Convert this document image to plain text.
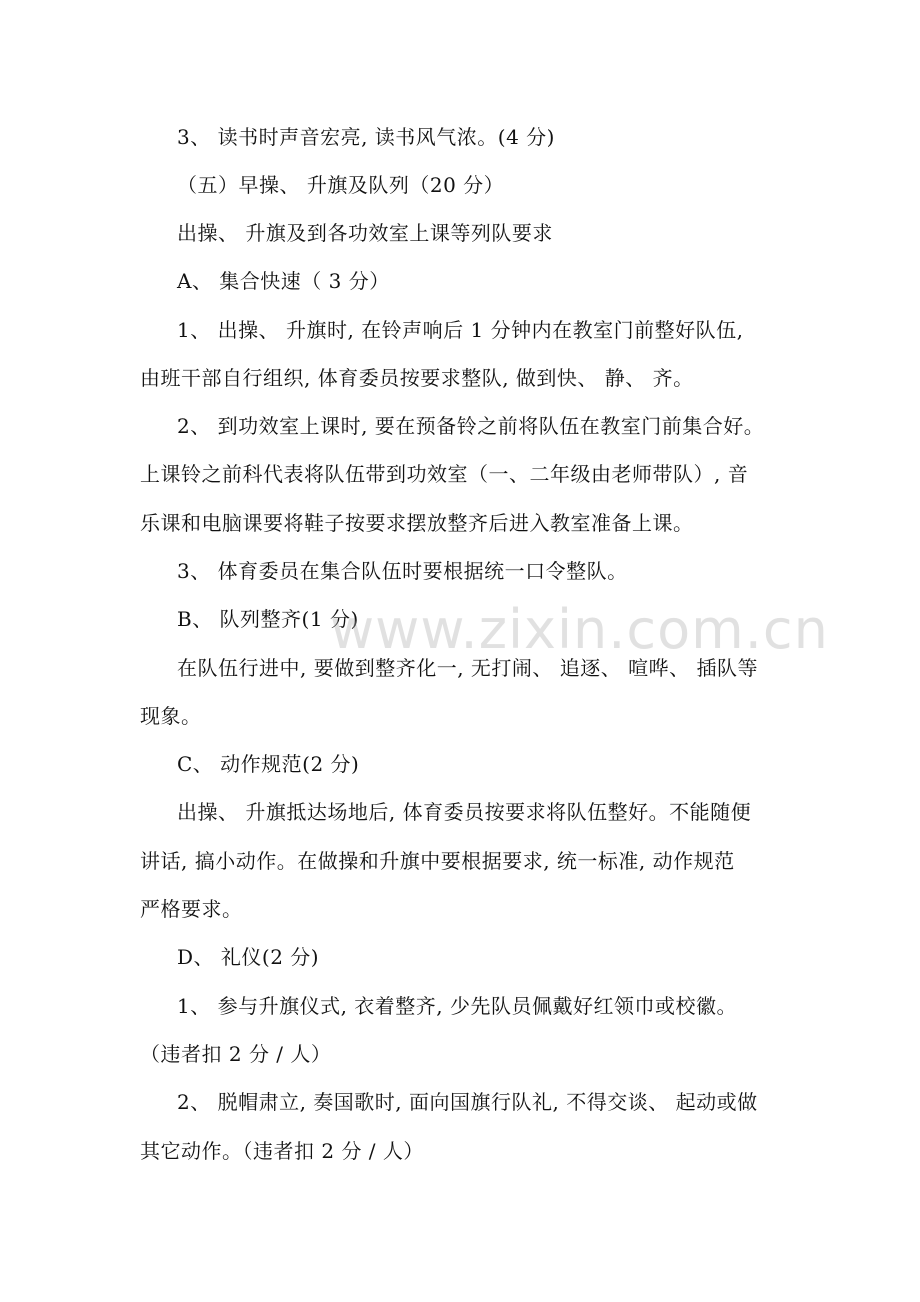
3、 读书时声音宏亮, 读书风气浓。(4 分)
（五）早操、 升旗及队列（20 分）
出操、 升旗及到各功效室上课等列队要求
A、 集合快速（ 3 分）
1、 出操、 升旗时, 在铃声响后 1 分钟内在教室门前整好队伍,
由班干部自行组织, 体育委员按要求整队, 做到快、 静、 齐。
2、 到功效室上课时, 要在预备铃之前将队伍在教室门前集合好。
上课铃之前科代表将队伍带到功效室（一、二年级由老师带队）, 音
乐课和电脑课要将鞋子按要求摆放整齐后进入教室准备上课。
3、 体育委员在集合队伍时要根据统一口令整队。
B、 队列整齐(1 分)
在队伍行进中, 要做到整齐化一, 无打闹、 追逐、 喧哗、 插队等
现象。
C、 动作规范(2 分)
出操、 升旗抵达场地后, 体育委员按要求将队伍整好。不能随便
讲话, 搞小动作。在做操和升旗中要根据要求, 统一标准, 动作规范
严格要求。
D、 礼仪(2 分)
1、 参与升旗仪式, 衣着整齐, 少先队员佩戴好红领巾或校徽。
（违者扣 2 分 / 人）
2、 脱帽肃立, 奏国歌时, 面向国旗行队礼, 不得交谈、 起动或做
其它动作。（违者扣 2 分 / 人）
www.zixin.com.cn
